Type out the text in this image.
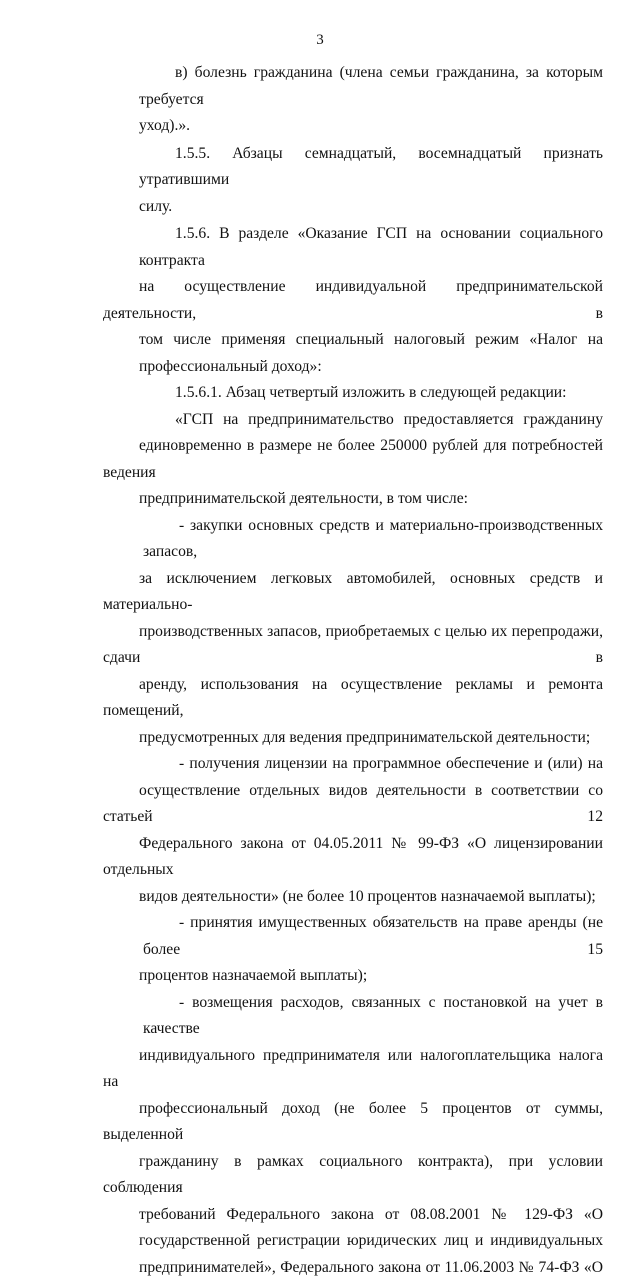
3
в) болезнь гражданина (члена семьи гражданина, за которым требуется
уход).».
1.5.5. Абзацы семнадцатый, восемнадцатый признать утратившими
силу.
1.5.6. В разделе «Оказание ГСП на основании социального контракта
на осуществление индивидуальной предпринимательской деятельности, в
том числе применяя специальный налоговый режим «Налог на
профессиональный доход»:
1.5.6.1. Абзац четвертый изложить в следующей редакции:
«ГСП на предпринимательство предоставляется гражданину
единовременно в размере не более 250000 рублей для потребностей ведения
предпринимательской деятельности, в том числе:
- закупки основных средств и материально-производственных запасов,
за исключением легковых автомобилей, основных средств и материально-
производственных запасов, приобретаемых с целью их перепродажи, сдачи в
аренду, использования на осуществление рекламы и ремонта помещений,
предусмотренных для ведения предпринимательской деятельности;
- получения лицензии на программное обеспечение и (или) на
осуществление отдельных видов деятельности в соответствии со статьей 12
Федерального закона от 04.05.2011 № 99-ФЗ «О лицензировании отдельных
видов деятельности» (не более 10 процентов назначаемой выплаты);
- принятия имущественных обязательств на праве аренды (не более 15
процентов назначаемой выплаты);
- возмещения расходов, связанных с постановкой на учет в качестве
индивидуального предпринимателя или налогоплательщика налога на
профессиональный доход (не более 5 процентов от суммы, выделенной
гражданину в рамках социального контракта), при условии соблюдения
требований Федерального закона от 08.08.2001 № 129-ФЗ «О
государственной регистрации юридических лиц и индивидуальных
предпринимателей», Федерального закона от 11.06.2003 № 74-ФЗ «О
